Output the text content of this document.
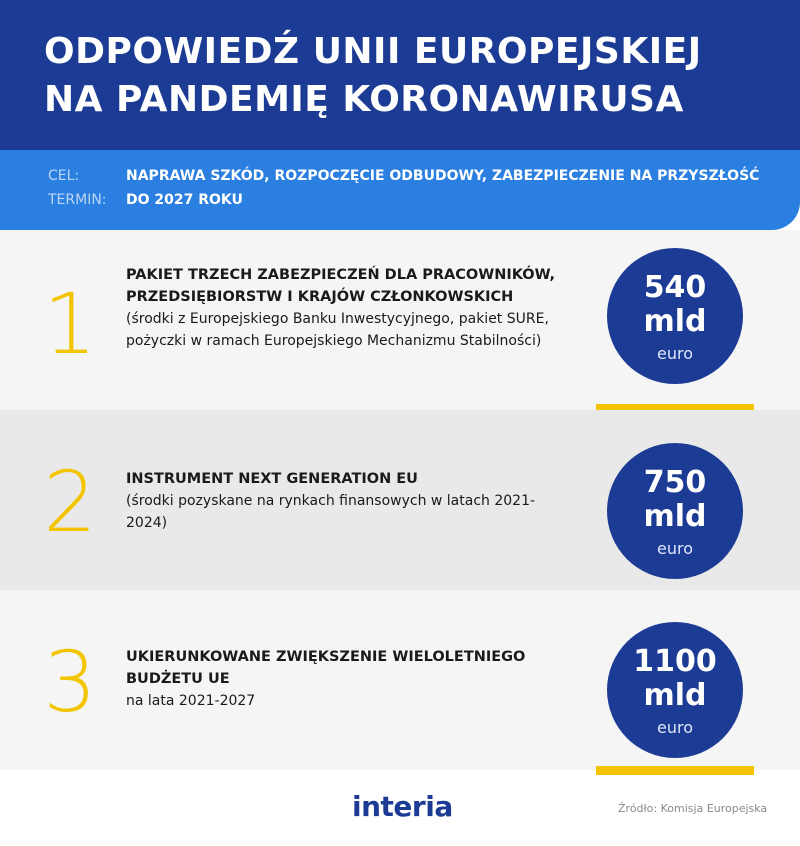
ODPOWIEDŹ UNII EUROPEJSKIEJ NA PANDEMIĘ KORONAWIRUSA
CEL:	NAPRAWA SZKÓD, ROZPOCZĘCIE ODBUDOWY, ZABEZPIECZENIE NA PRZYSZŁOŚĆ
TERMIN: DO 2027 ROKU
1 PAKIET TRZECH ZABEZPIECZEŃ DLA PRACOWNIKÓW, PRZEDSIĘBIORSTW I KRAJÓW CZŁONKOWSKICH
(środki z Europejskiego Banku Inwestycyjnego, pakiet SURE, pożyczki w ramach Europejskiego Mechanizmu Stabilności)
540
mld
euro
2 INSTRUMENT NEXT GENERATION EU
(środki pozyskane na rynkach finansowych w latach 2021-2024)
750
mld
euro
3 UKIERUNKOWANE ZWIĘKSZENIE WIELOLETNIEGO BUDŻETU UE
na lata 2021-2027
1100
mld
euro
interia	Źródło: Komisja Europejska
